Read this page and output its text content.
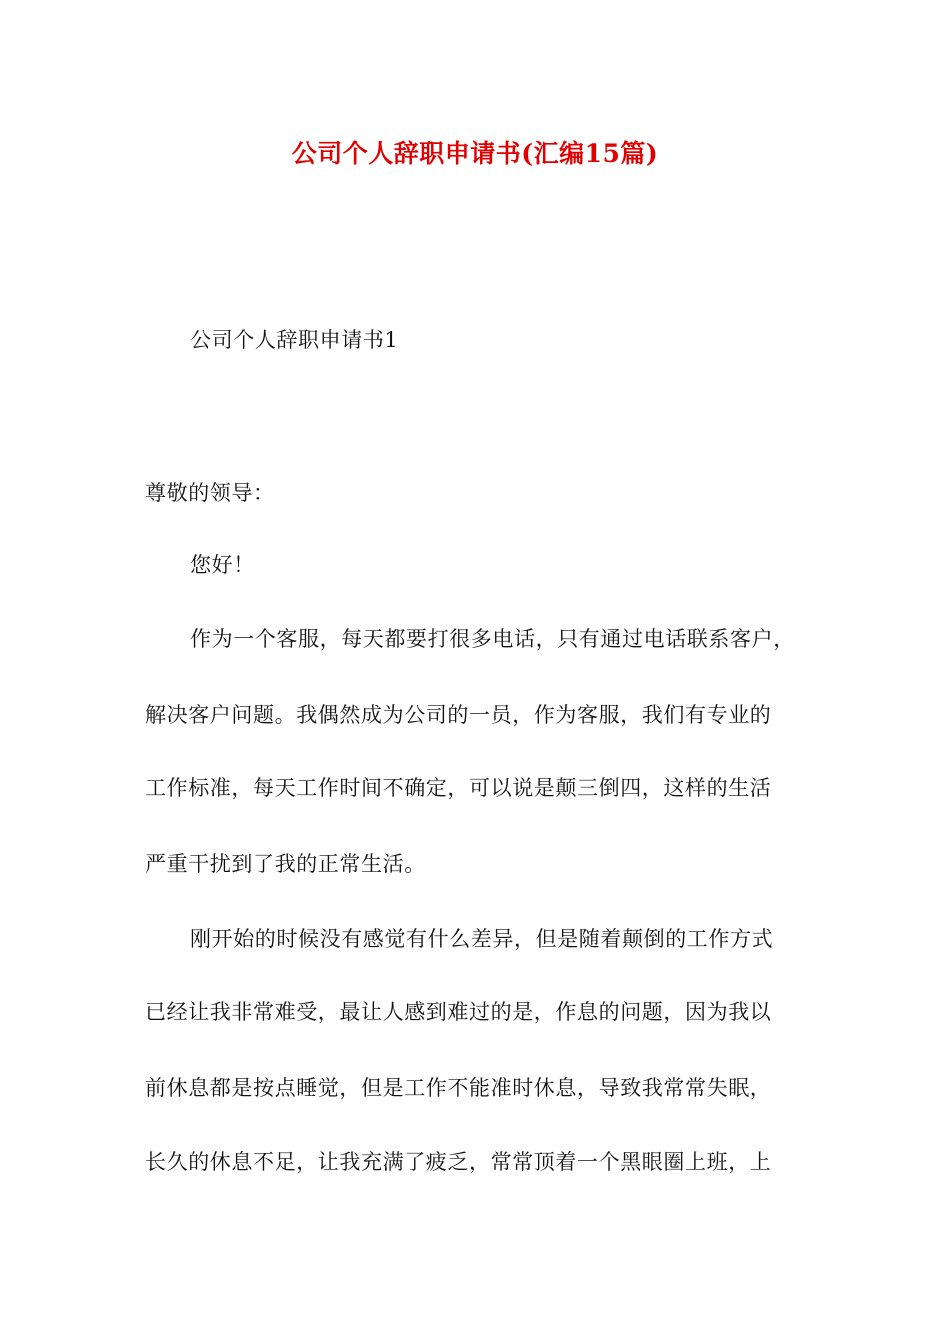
公司个人辞职申请书(汇编15篇)
公司个人辞职申请书1
尊敬的领导：
您好！
作为一个客服，每天都要打很多电话，只有通过电话联系客户，
解决客户问题。我偶然成为公司的一员，作为客服，我们有专业的
工作标准，每天工作时间不确定，可以说是颠三倒四，这样的生活
严重干扰到了我的正常生活。
刚开始的时候没有感觉有什么差异，但是随着颠倒的工作方式
已经让我非常难受，最让人感到难过的是，作息的问题，因为我以
前休息都是按点睡觉，但是工作不能准时休息，导致我常常失眠，
长久的休息不足，让我充满了疲乏，常常顶着一个黑眼圈上班，上
